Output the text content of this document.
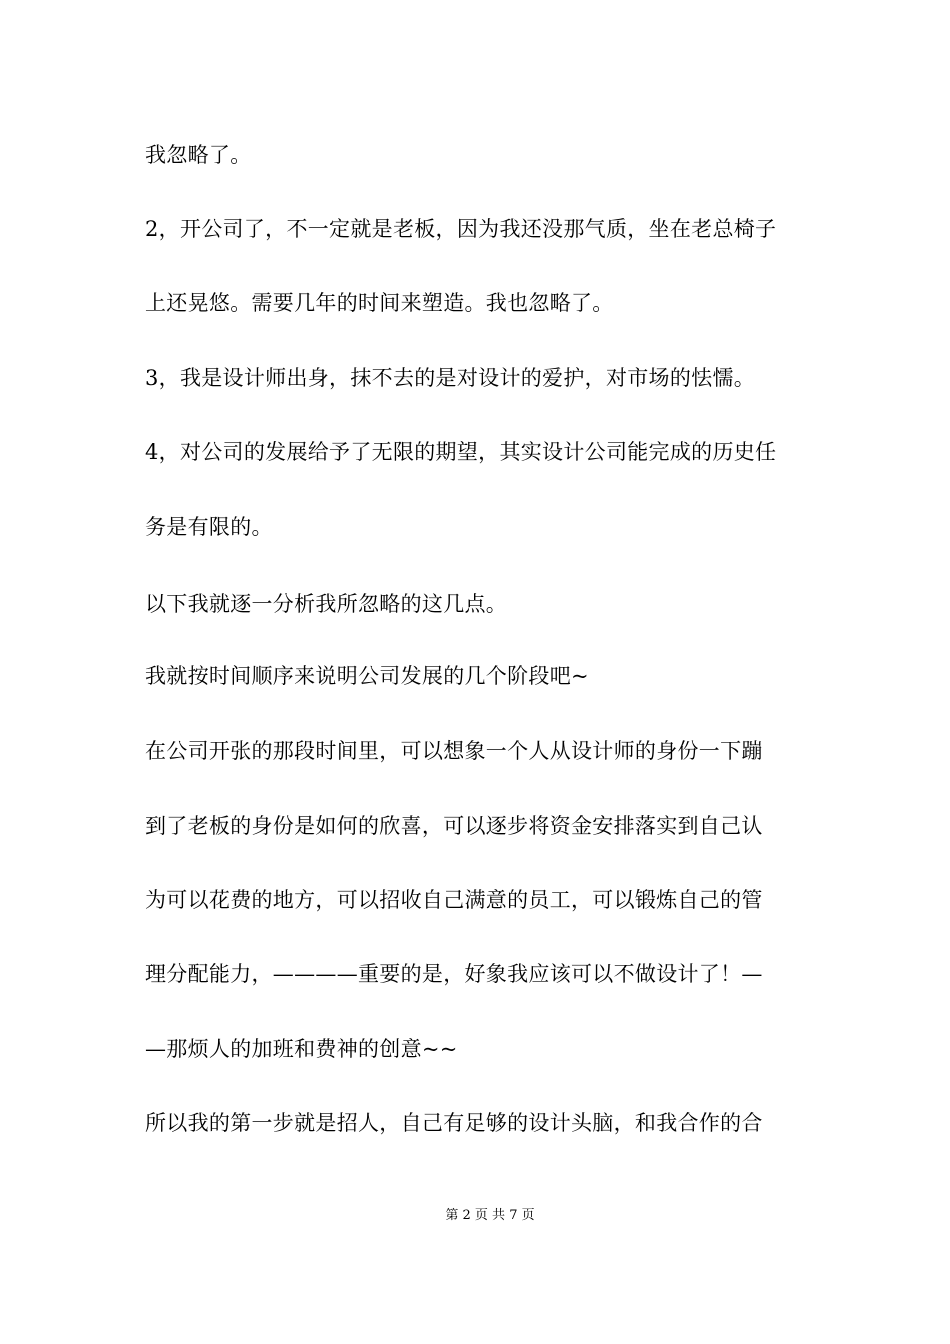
我忽略了。
2，开公司了，不一定就是老板，因为我还没那气质，坐在老总椅子
上还晃悠。需要几年的时间来塑造。我也忽略了。
3，我是设计师出身，抹不去的是对设计的爱护，对市场的怯懦。
4，对公司的发展给予了无限的期望，其实设计公司能完成的历史任
务是有限的。
以下我就逐一分析我所忽略的这几点。
我就按时间顺序来说明公司发展的几个阶段吧~
在公司开张的那段时间里，可以想象一个人从设计师的身份一下蹦
到了老板的身份是如何的欣喜，可以逐步将资金安排落实到自己认
为可以花费的地方，可以招收自己满意的员工，可以锻炼自己的管
理分配能力，————重要的是，好象我应该可以不做设计了！—
—那烦人的加班和费神的创意~~
所以我的第一步就是招人，自己有足够的设计头脑，和我合作的合
第 2 页 共 7 页
